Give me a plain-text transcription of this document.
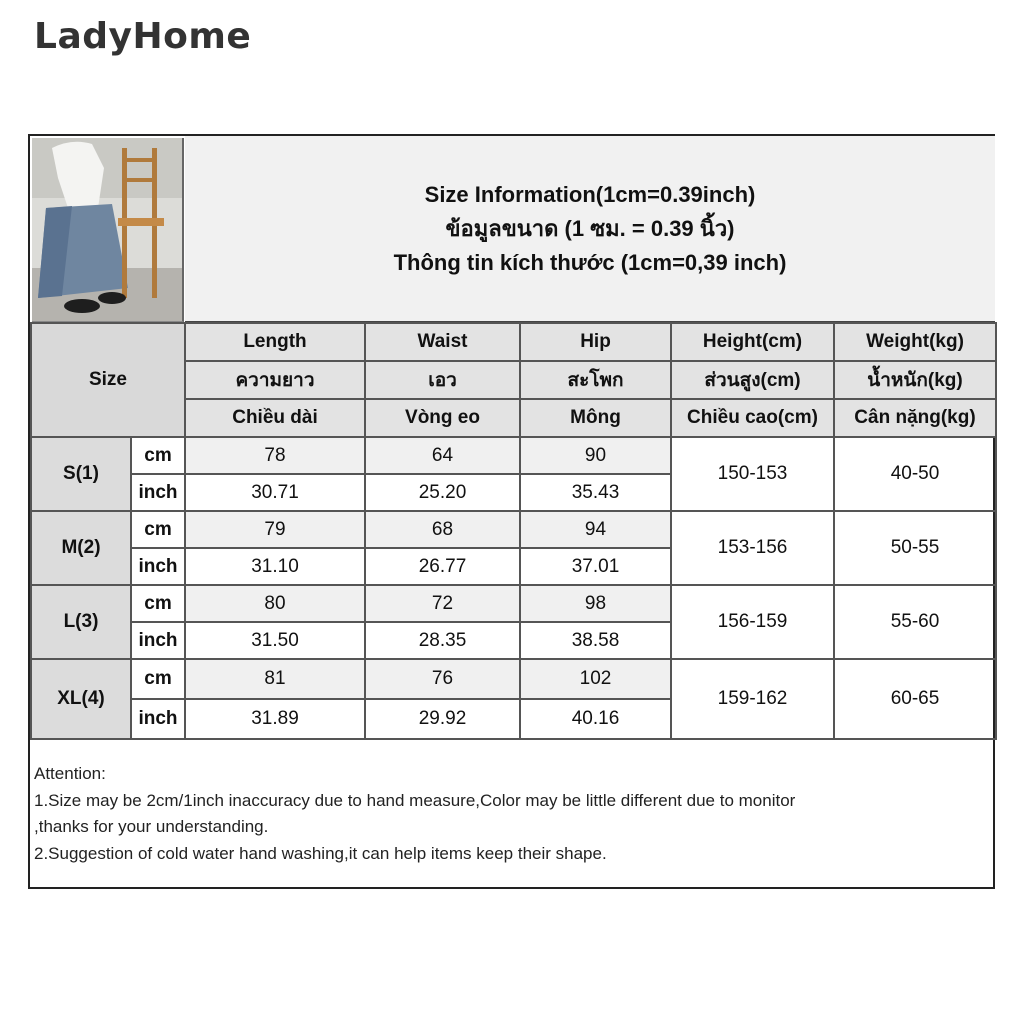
LadyHome
Size Information(1cm=0.39inch)
ข้อมูลขนาด (1 ซม. = 0.39 นิ้ว)
Thông tin kích thước (1cm=0,39 inch)
Size		Length	Waist	Hip	Height(cm)	Weight(kg)
		ความยาว	เอว	สะโพก	ส่วนสูง(cm)	น้ำหนัก(kg)
		Chiều dài	Vòng eo	Mông	Chiều cao(cm)	Cân nặng(kg)
S(1)	cm	78	64	90	150-153	40-50
	inch	30.71	25.20	35.43		
M(2)	cm	79	68	94	153-156	50-55
	inch	31.10	26.77	37.01		
L(3)	cm	80	72	98	156-159	55-60
	inch	31.50	28.35	38.58		
XL(4)	cm	81	76	102	159-162	60-65
	inch	31.89	29.92	40.16		
Attention:
1.Size may be 2cm/1inch inaccuracy due to hand measure,Color may be little different due to monitor
,thanks for your understanding.
2.Suggestion of cold water hand washing,it can help items keep their shape.
